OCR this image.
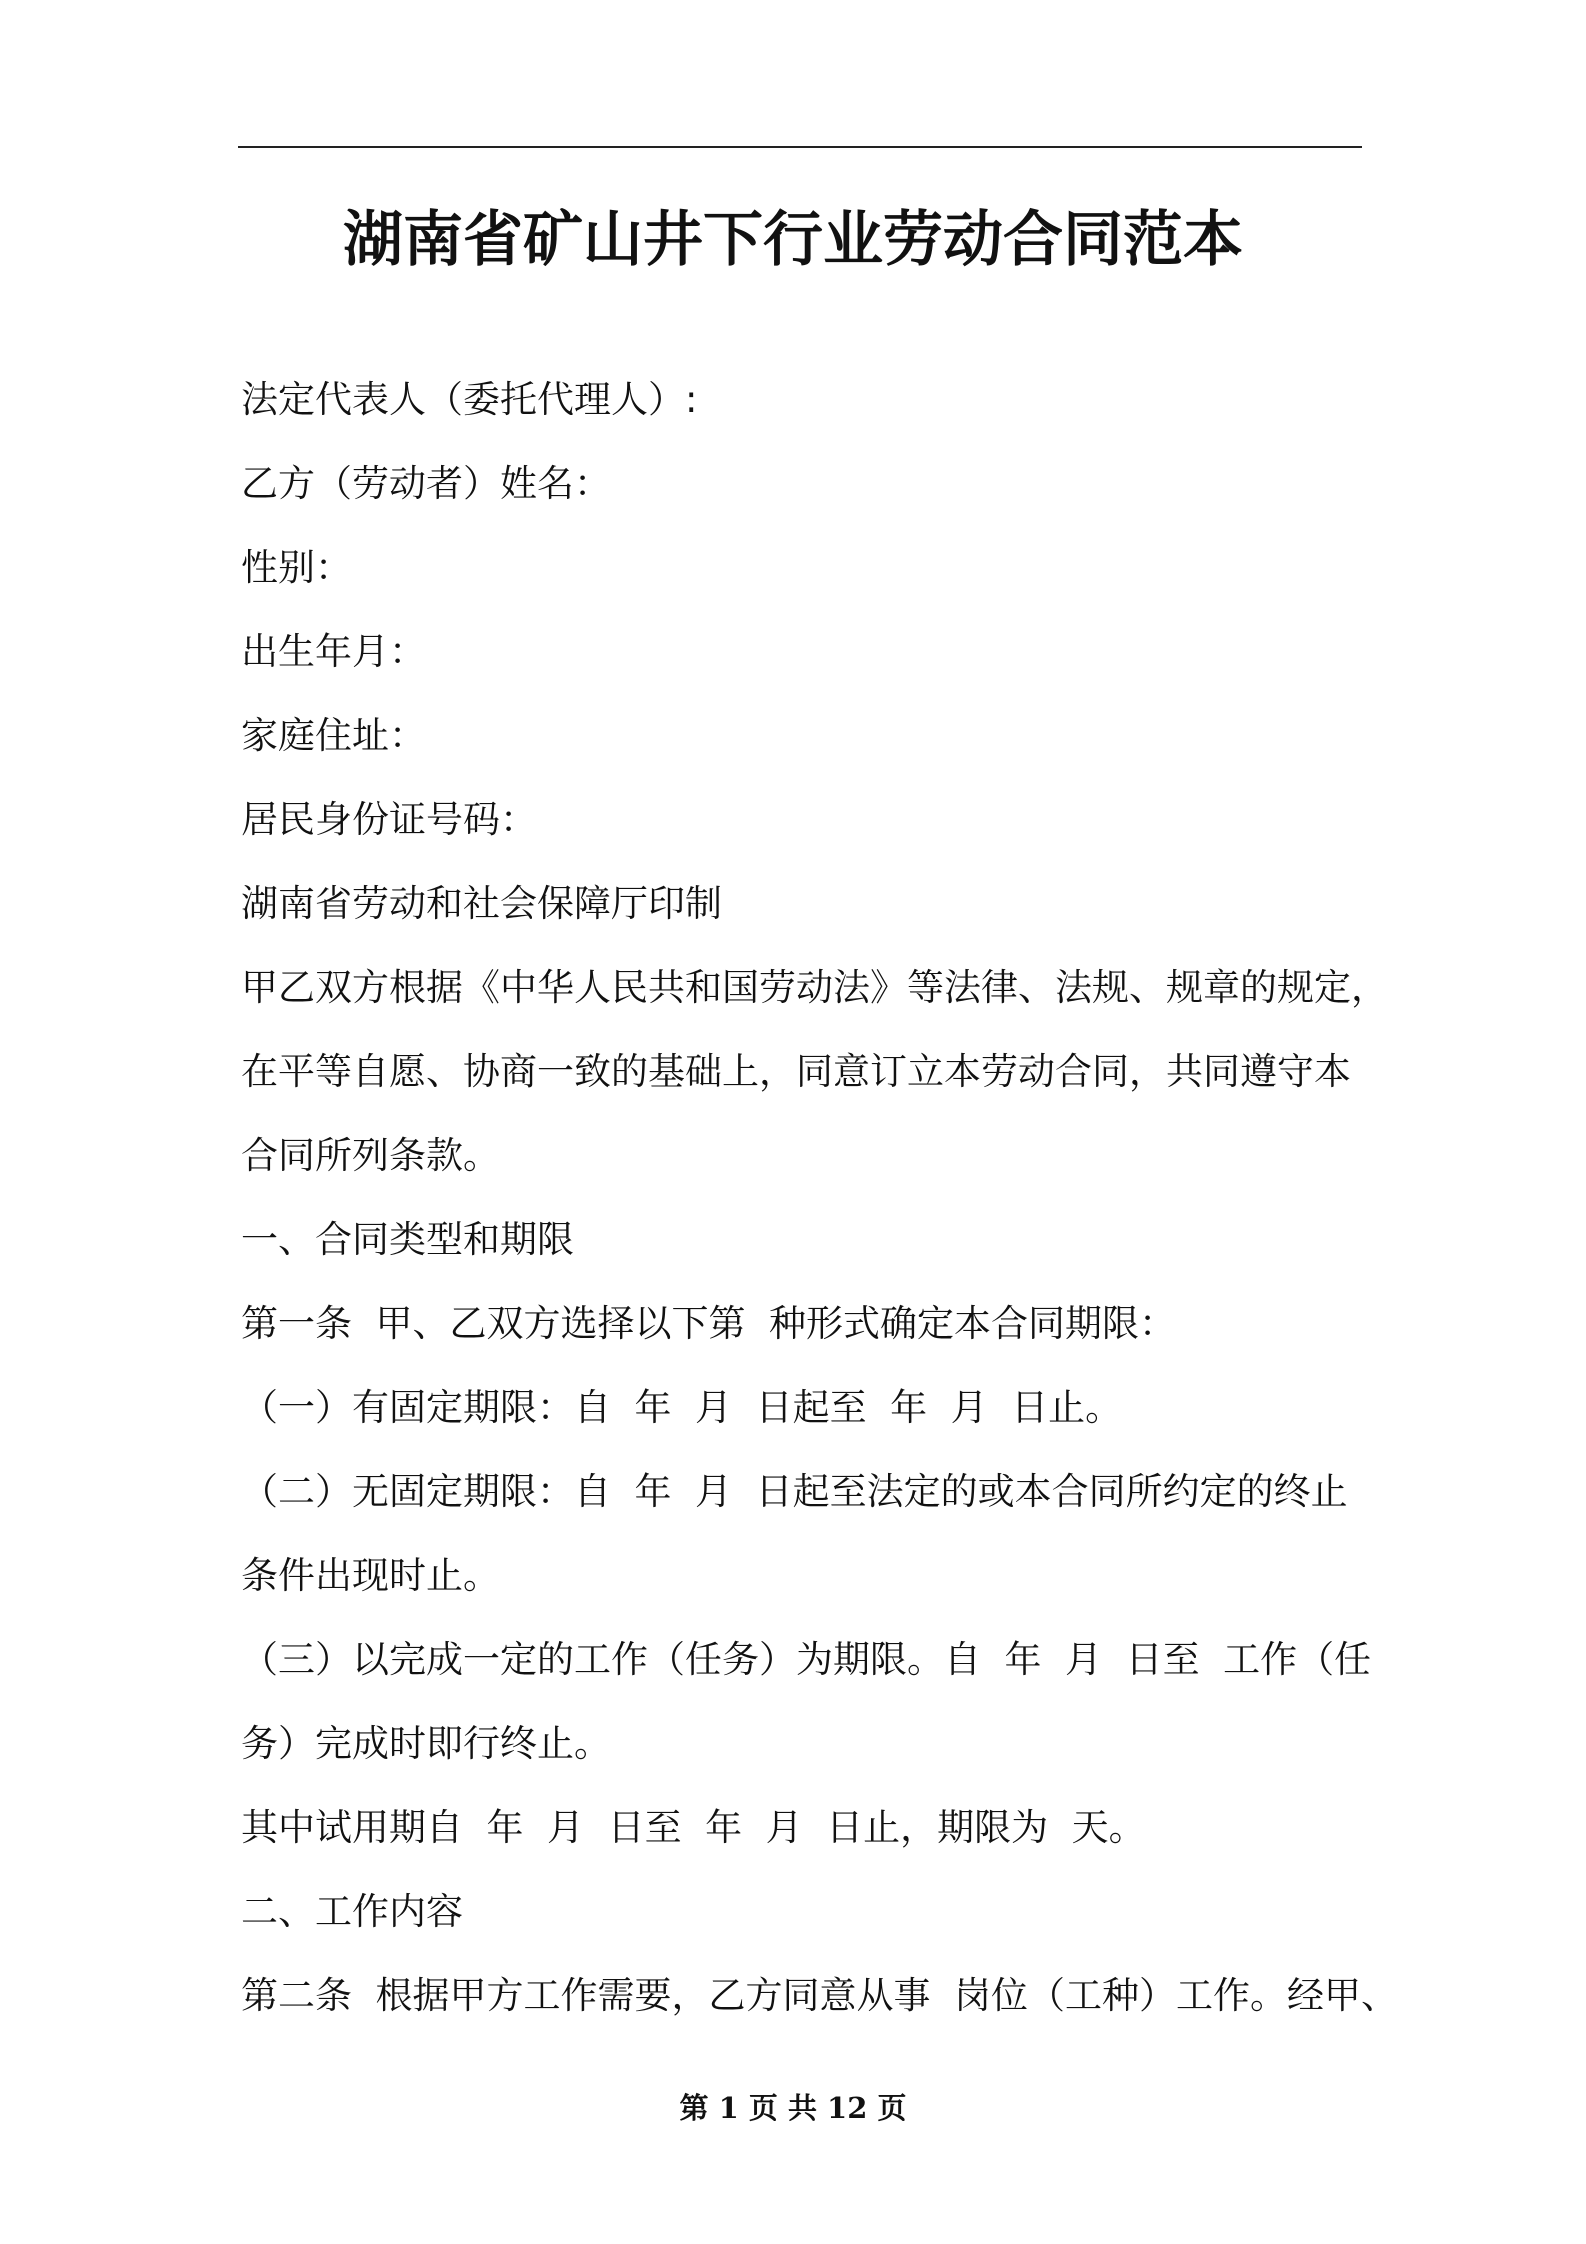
湖南省矿山井下行业劳动合同范本

法定代表人（委托代理人）:

乙方（劳动者）姓名：

性别：

出生年月：

家庭住址：

居民身份证号码：

湖南省劳动和社会保障厅印制

甲乙双方根据《中华人民共和国劳动法》等法律、法规、规章的规定，

在平等自愿、协商一致的基础上，同意订立本劳动合同，共同遵守本

合同所列条款。

一、合同类型和期限

第一条  甲、乙双方选择以下第  种形式确定本合同期限：

（一）有固定期限：自  年  月  日起至  年  月  日止。

（二）无固定期限：自  年  月  日起至法定的或本合同所约定的终止

条件出现时止。

（三）以完成一定的工作（任务）为期限。自  年  月  日至  工作（任

务）完成时即行终止。

其中试用期自  年  月  日至  年  月  日止，期限为  天。

二、工作内容

第二条  根据甲方工作需要，乙方同意从事  岗位（工种）工作。经甲、

第 1 页 共 12 页
